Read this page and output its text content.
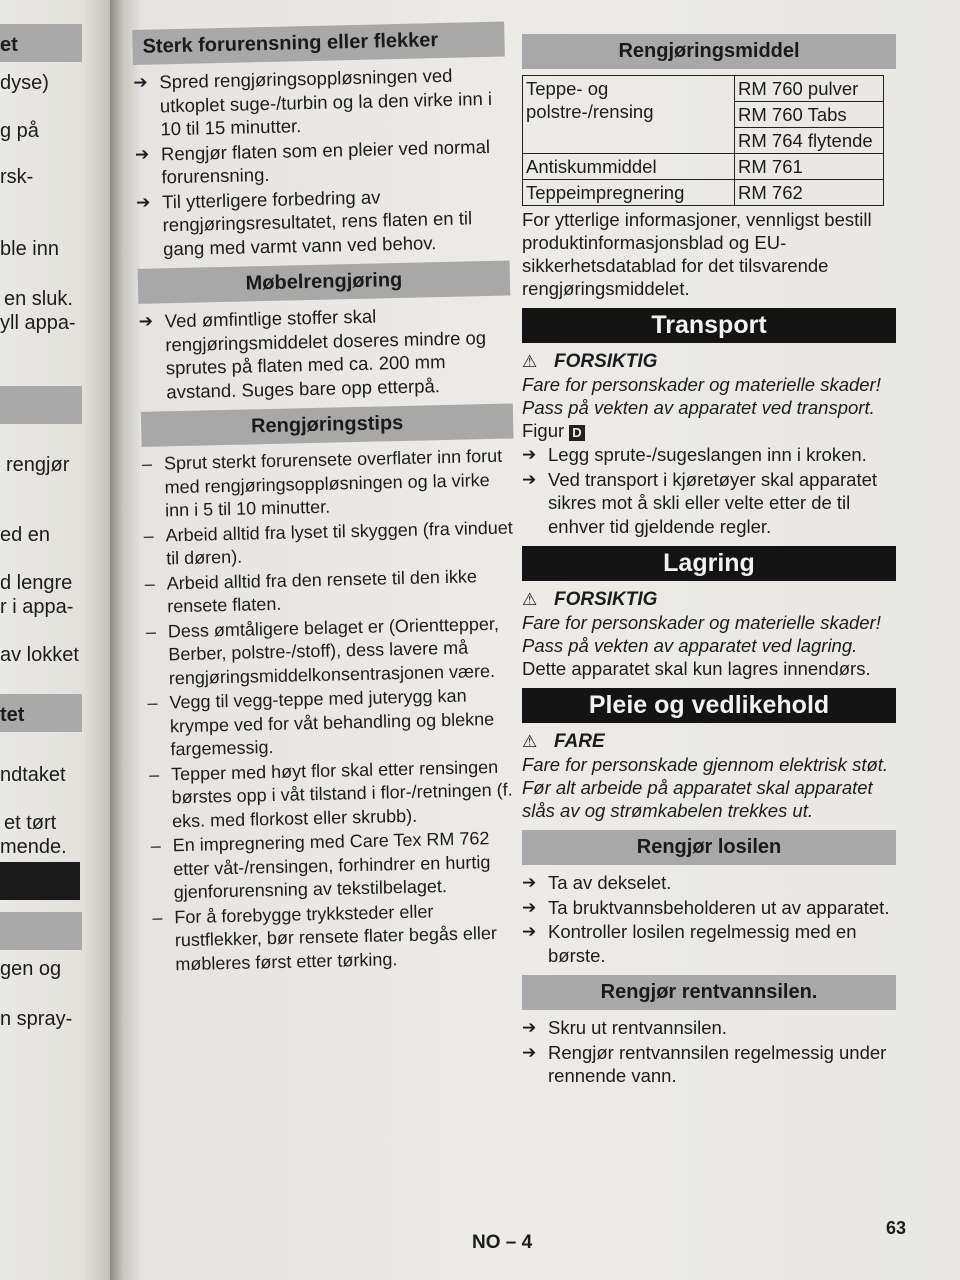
et
dyse)
g på
rsk-
ble inn
en sluk.
yll appa-
rengjør
ed en
d lengre
r i appa-
av lokket
tet
ndtaket
et tørt
mende.
gen og
n spray-
Sterk forurensning eller flekker
➔ Spred rengjøringsoppløsningen ved utkoplet suge-/turbin og la den virke inn i 10 til 15 minutter.
➔ Rengjør flaten som en pleier ved normal forurensning.
➔ Til ytterligere forbedring av rengjøringsresultatet, rens flaten en til gang med varmt vann ved behov.
Møbelrengjøring
➔ Ved ømfintlige stoffer skal rengjøringsmiddelet doseres mindre og sprutes på flaten med ca. 200 mm avstand. Suges bare opp etterpå.
Rengjøringstips
– Sprut sterkt forurensete overflater inn forut med rengjøringsoppløsningen og la virke inn i 5 til 10 minutter.
– Arbeid alltid fra lyset til skyggen (fra vinduet til døren).
– Arbeid alltid fra den rensete til den ikke rensete flaten.
– Dess ømtåligere belaget er (Orienttepper, Berber, polstre-/stoff), dess lavere må rengjøringsmiddelkonsentrasjonen være.
– Vegg til vegg-teppe med juterygg kan krympe ved for våt behandling og blekne fargemessig.
– Tepper med høyt flor skal etter rensingen børstes opp i våt tilstand i flor-/retningen (f. eks. med florkost eller skrubb).
– En impregnering med Care Tex RM 762 etter våt-/rensingen, forhindrer en hurtig gjenforurensning av tekstilbelaget.
– For å forebygge trykksteder eller rustflekker, bør rensete flater begås eller møbleres først etter tørking.
Rengjøringsmiddel
Teppe- og polstre-/rensing	RM 760 pulver
	RM 760 Tabs
	RM 764 flytende
Antiskummiddel	RM 761
Teppeimpregnering	RM 762
For ytterlige informasjoner, vennligst bestill produktinformasjonsblad og EU-sikkerhetsdatablad for det tilsvarende rengjøringsmiddelet.
Transport
⚠ FORSIKTIG
Fare for personskader og materielle skader! Pass på vekten av apparatet ved transport.
Figur D
➔ Legg sprute-/sugeslangen inn i kroken.
➔ Ved transport i kjøretøyer skal apparatet sikres mot å skli eller velte etter de til enhver tid gjeldende regler.
Lagring
⚠ FORSIKTIG
Fare for personskader og materielle skader! Pass på vekten av apparatet ved lagring.
Dette apparatet skal kun lagres innendørs.
Pleie og vedlikehold
⚠ FARE
Fare for personskade gjennom elektrisk støt.
Før alt arbeide på apparatet skal apparatet slås av og strømkabelen trekkes ut.
Rengjør losilen
➔ Ta av dekselet.
➔ Ta bruktvannsbeholderen ut av apparatet.
➔ Kontroller losilen regelmessig med en børste.
Rengjør rentvannsilen.
➔ Skru ut rentvannsilen.
➔ Rengjør rentvannsilen regelmessig under rennende vann.
NO – 4
63
